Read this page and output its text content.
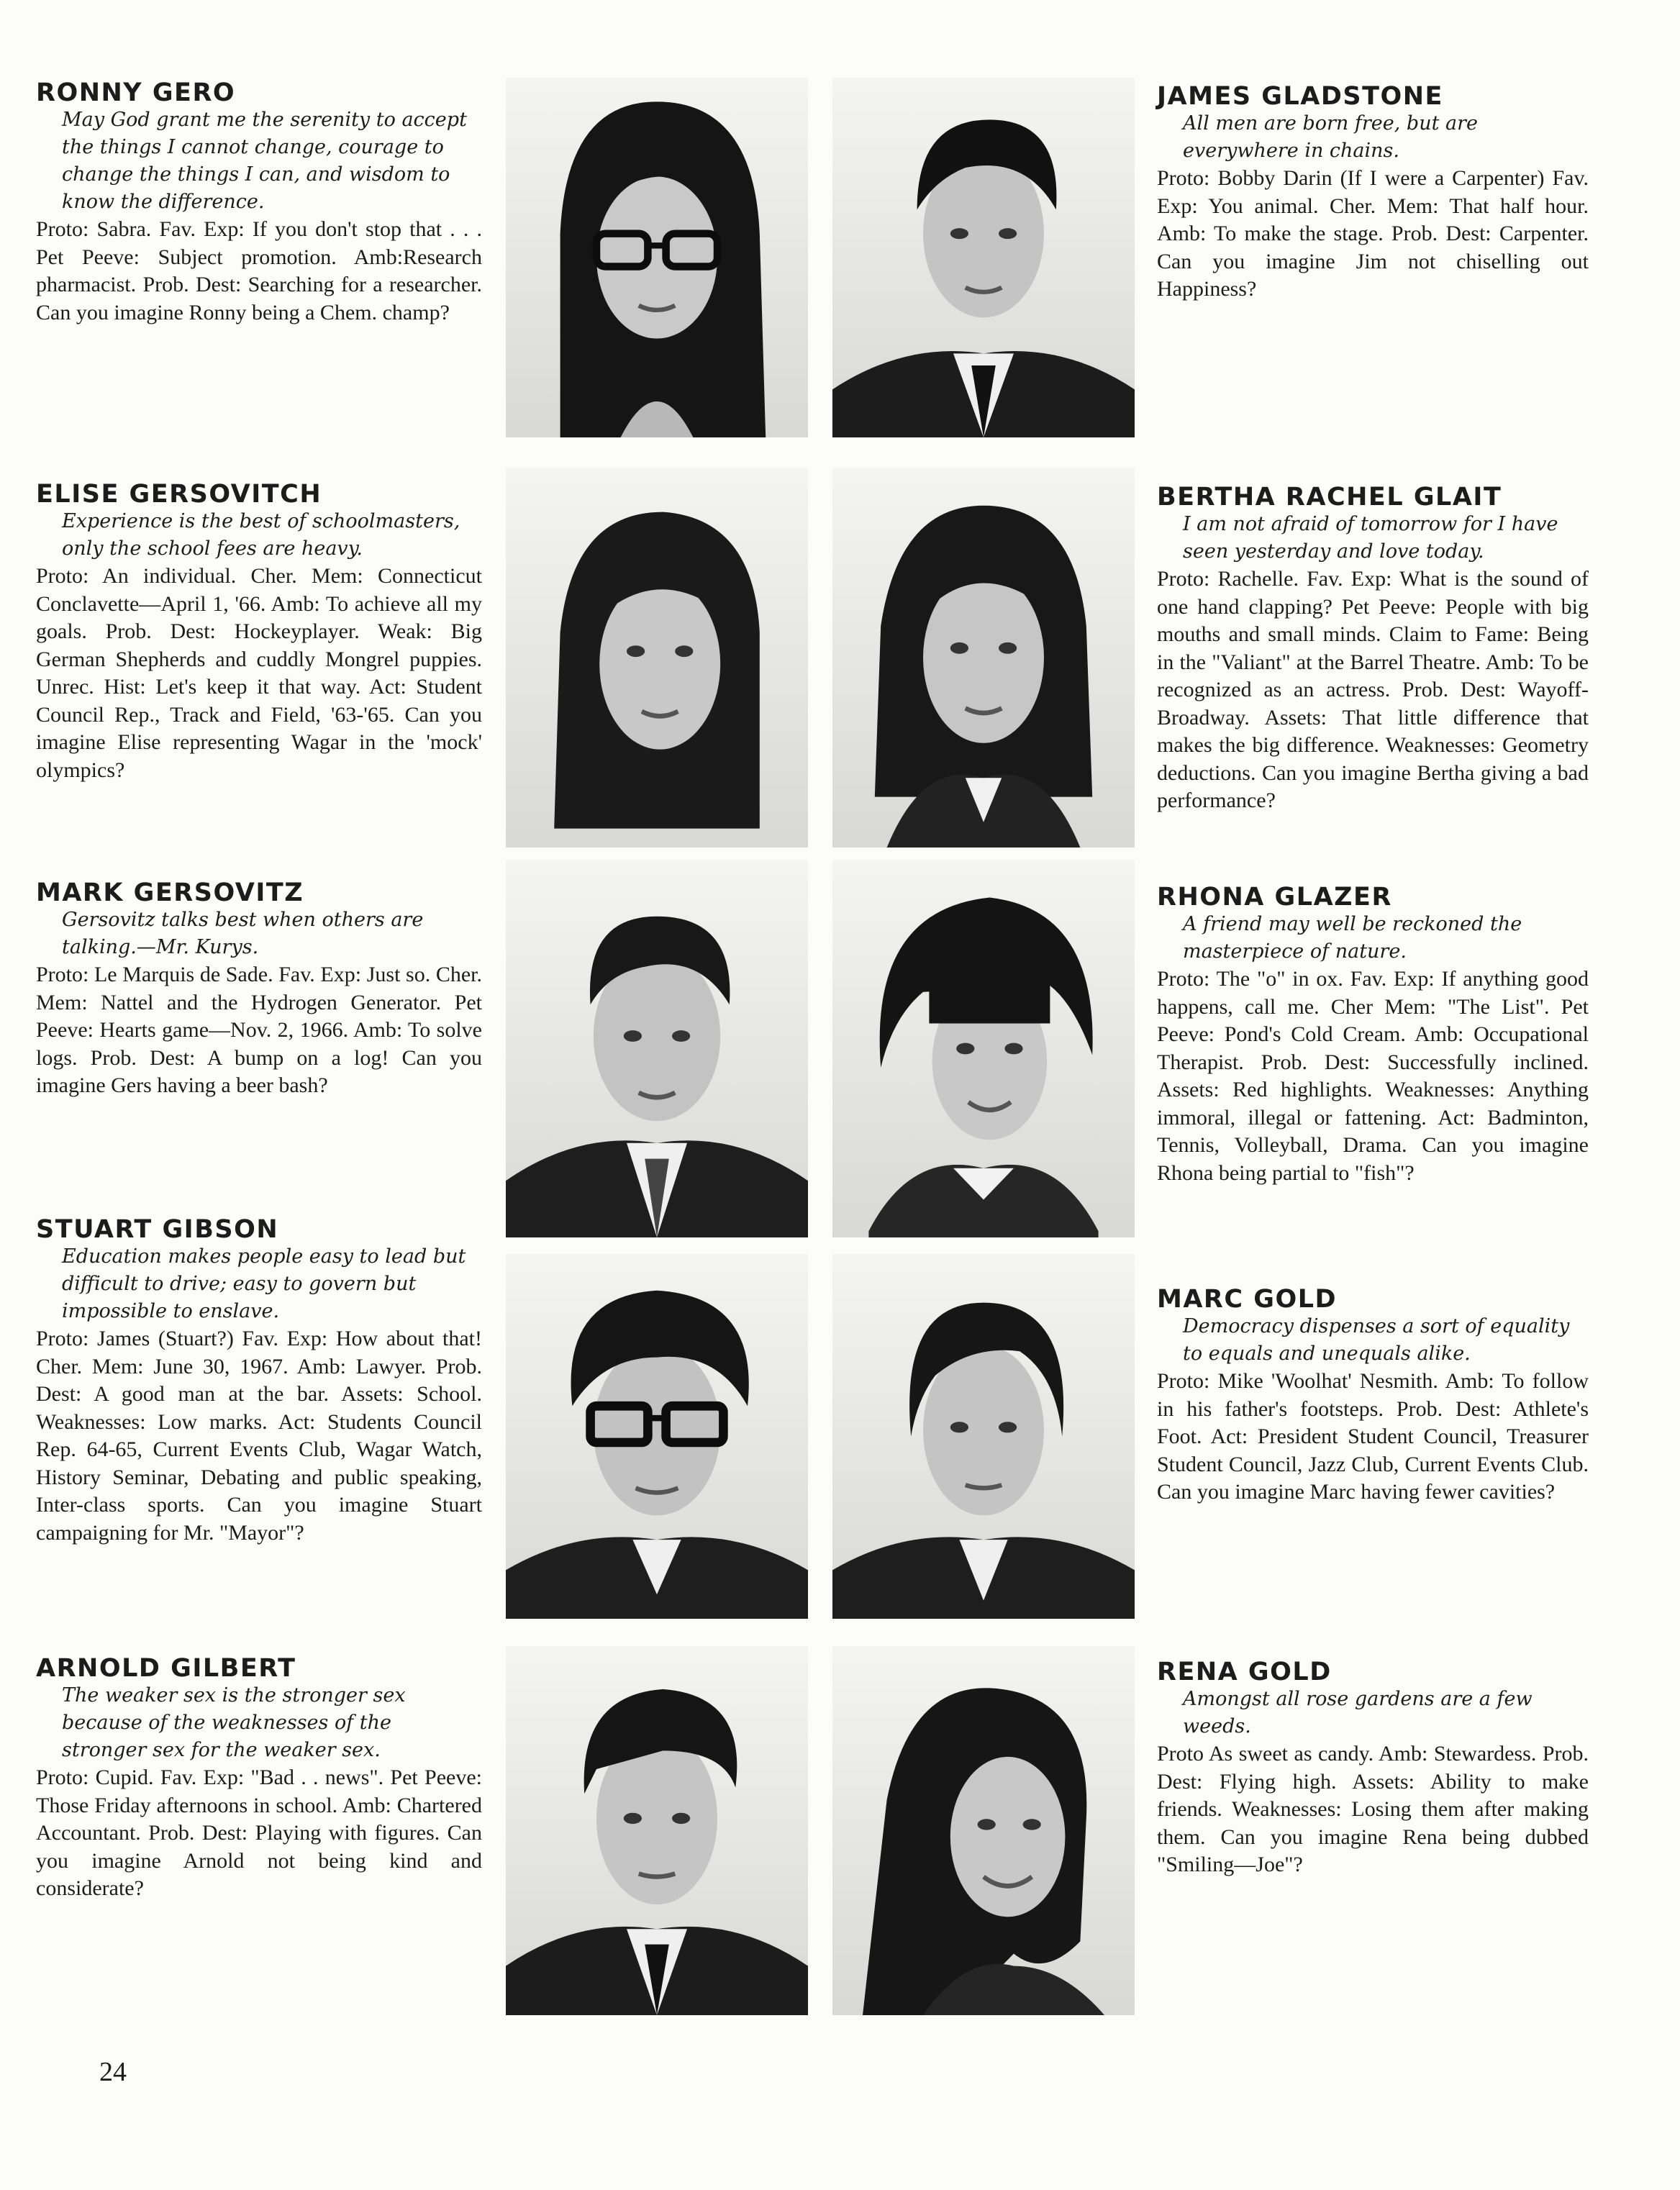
RONNY GERO
May God grant me the serenity to accept the things I cannot change, courage to change the things I can, and wisdom to know the difference.
Proto: Sabra. Fav. Exp: If you don't stop that . . . Pet Peeve: Subject promotion. Amb:Research pharmacist. Prob. Dest: Searching for a researcher. Can you imagine Ronny being a Chem. champ?
JAMES GLADSTONE
All men are born free, but are everywhere in chains.
Proto: Bobby Darin (If I were a Carpenter) Fav. Exp: You animal. Cher. Mem: That half hour. Amb: To make the stage. Prob. Dest: Carpenter. Can you imagine Jim not chiselling out Happiness?
ELISE GERSOVITCH
Experience is the best of schoolmasters, only the school fees are heavy.
Proto: An individual. Cher. Mem: Connecticut Conclavette—April 1, '66. Amb: To achieve all my goals. Prob. Dest: Hockeyplayer. Weak: Big German Shepherds and cuddly Mongrel puppies. Unrec. Hist: Let's keep it that way. Act: Student Council Rep., Track and Field, '63-'65. Can you imagine Elise representing Wagar in the 'mock' olympics?
BERTHA RACHEL GLAIT
I am not afraid of tomorrow for I have seen yesterday and love today.
Proto: Rachelle. Fav. Exp: What is the sound of one hand clapping? Pet Peeve: People with big mouths and small minds. Claim to Fame: Being in the "Valiant" at the Barrel Theatre. Amb: To be recognized as an actress. Prob. Dest: Wayoff-Broadway. Assets: That little difference that makes the big difference. Weaknesses: Geometry deductions. Can you imagine Bertha giving a bad performance?
MARK GERSOVITZ
Gersovitz talks best when others are talking.—Mr. Kurys.
Proto: Le Marquis de Sade. Fav. Exp: Just so. Cher. Mem: Nattel and the Hydrogen Generator. Pet Peeve: Hearts game—Nov. 2, 1966. Amb: To solve logs. Prob. Dest: A bump on a log! Can you imagine Gers having a beer bash?
RHONA GLAZER
A friend may well be reckoned the masterpiece of nature.
Proto: The "o" in ox. Fav. Exp: If anything good happens, call me. Cher Mem: "The List". Pet Peeve: Pond's Cold Cream. Amb: Occupational Therapist. Prob. Dest: Successfully inclined. Assets: Red highlights. Weaknesses: Anything immoral, illegal or fattening. Act: Badminton, Tennis, Volleyball, Drama. Can you imagine Rhona being partial to "fish"?
STUART GIBSON
Education makes people easy to lead but difficult to drive; easy to govern but impossible to enslave.
Proto: James (Stuart?) Fav. Exp: How about that! Cher. Mem: June 30, 1967. Amb: Lawyer. Prob. Dest: A good man at the bar. Assets: School. Weaknesses: Low marks. Act: Students Council Rep. 64-65, Current Events Club, Wagar Watch, History Seminar, Debating and public speaking, Inter-class sports. Can you imagine Stuart campaigning for Mr. "Mayor"?
MARC GOLD
Democracy dispenses a sort of equality to equals and unequals alike.
Proto: Mike 'Woolhat' Nesmith. Amb: To follow in his father's footsteps. Prob. Dest: Athlete's Foot. Act: President Student Council, Treasurer Student Council, Jazz Club, Current Events Club. Can you imagine Marc having fewer cavities?
ARNOLD GILBERT
The weaker sex is the stronger sex because of the weaknesses of the stronger sex for the weaker sex.
Proto: Cupid. Fav. Exp: "Bad . . news". Pet Peeve: Those Friday afternoons in school. Amb: Chartered Accountant. Prob. Dest: Playing with figures. Can you imagine Arnold not being kind and considerate?
RENA GOLD
Amongst all rose gardens are a few weeds.
Proto As sweet as candy. Amb: Stewardess. Prob. Dest: Flying high. Assets: Ability to make friends. Weaknesses: Losing them after making them. Can you imagine Rena being dubbed "Smiling—Joe"?
24
